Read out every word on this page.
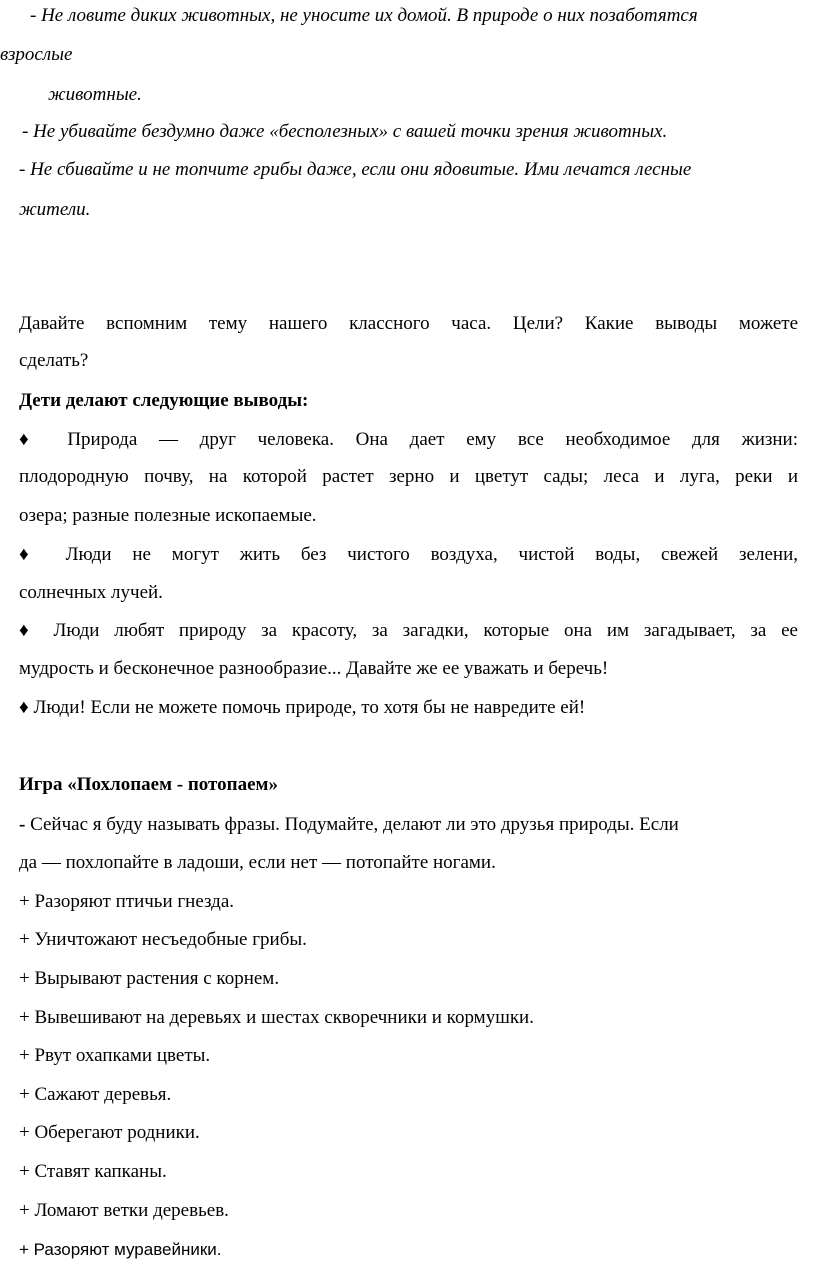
- Не ловите диких животных, не уносите их домой. В природе о них позаботятся

взрослые

животные.

- Не убивайте бездумно даже «бесполезных» с вашей точки зрения животных.

- Не сбивайте и не топчите грибы даже, если они ядовитые. Ими лечатся лесные

жители.

Давайте вспомним тему нашего классного часа. Цели? Какие выводы можете

сделать?

Дети делают следующие выводы:

♦ Природа — друг человека. Она дает ему все необходимое для жизни:

плодородную почву, на которой растет зерно и цветут сады; леса и луга, реки и

озера; разные полезные ископаемые.

♦ Люди не могут жить без чистого воздуха, чистой воды, свежей зелени,

солнечных лучей.

♦ Люди любят природу за красоту, за загадки, которые она им загадывает, за ее

мудрость и бесконечное разнообразие... Давайте же ее уважать и беречь!

♦ Люди! Если не можете помочь природе, то хотя бы не навредите ей!

Игра «Похлопаем - потопаем»

- Сейчас я буду называть фразы. Подумайте, делают ли это друзья природы. Если

да — похлопайте в ладоши, если нет — потопайте ногами.

+ Разоряют птичьи гнезда.

+ Уничтожают несъедобные грибы.

+ Вырывают растения с корнем.

+ Вывешивают на деревьях и шестах скворечники и кормушки.

+ Рвут охапками цветы.

+ Сажают деревья.

+ Оберегают родники.

+ Ставят капканы.

+ Ломают ветки деревьев.

+ Разоряют муравейники.
